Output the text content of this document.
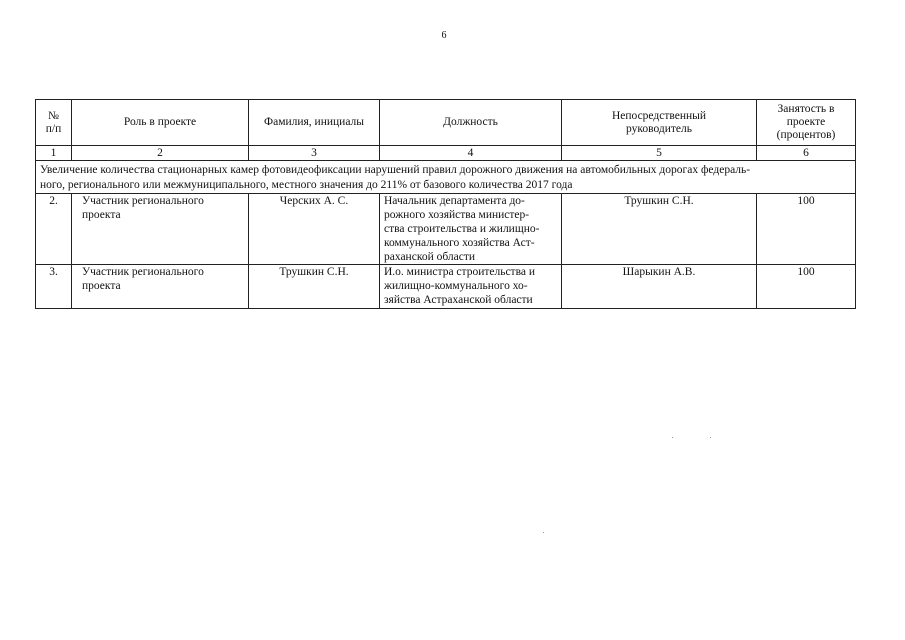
6
№
п/п	Роль в проекте	Фамилия, инициалы	Должность	Непосредственный
руководитель	Занятость в
проекте
(процентов)
1	2	3	4	5	6
Увеличение количества стационарных камер фотовидеофиксации нарушений правил дорожного движения на автомобильных дорогах федераль-
ного, регионального или межмуниципального, местного значения до 211% от базового количества 2017 года					
2.	Участник регионального
проекта	Черских А. С.	Начальник департамента до-
рожного хозяйства министер-
ства строительства и жилищно-
коммунального хозяйства Аст-
раханской области	Трушкин С.Н.	100
3.	Участник регионального
проекта	Трушкин С.Н.	И.о. министра строительства и
жилищно-коммунального хо-
зяйства Астраханской области	Шарыкин А.В.	100
